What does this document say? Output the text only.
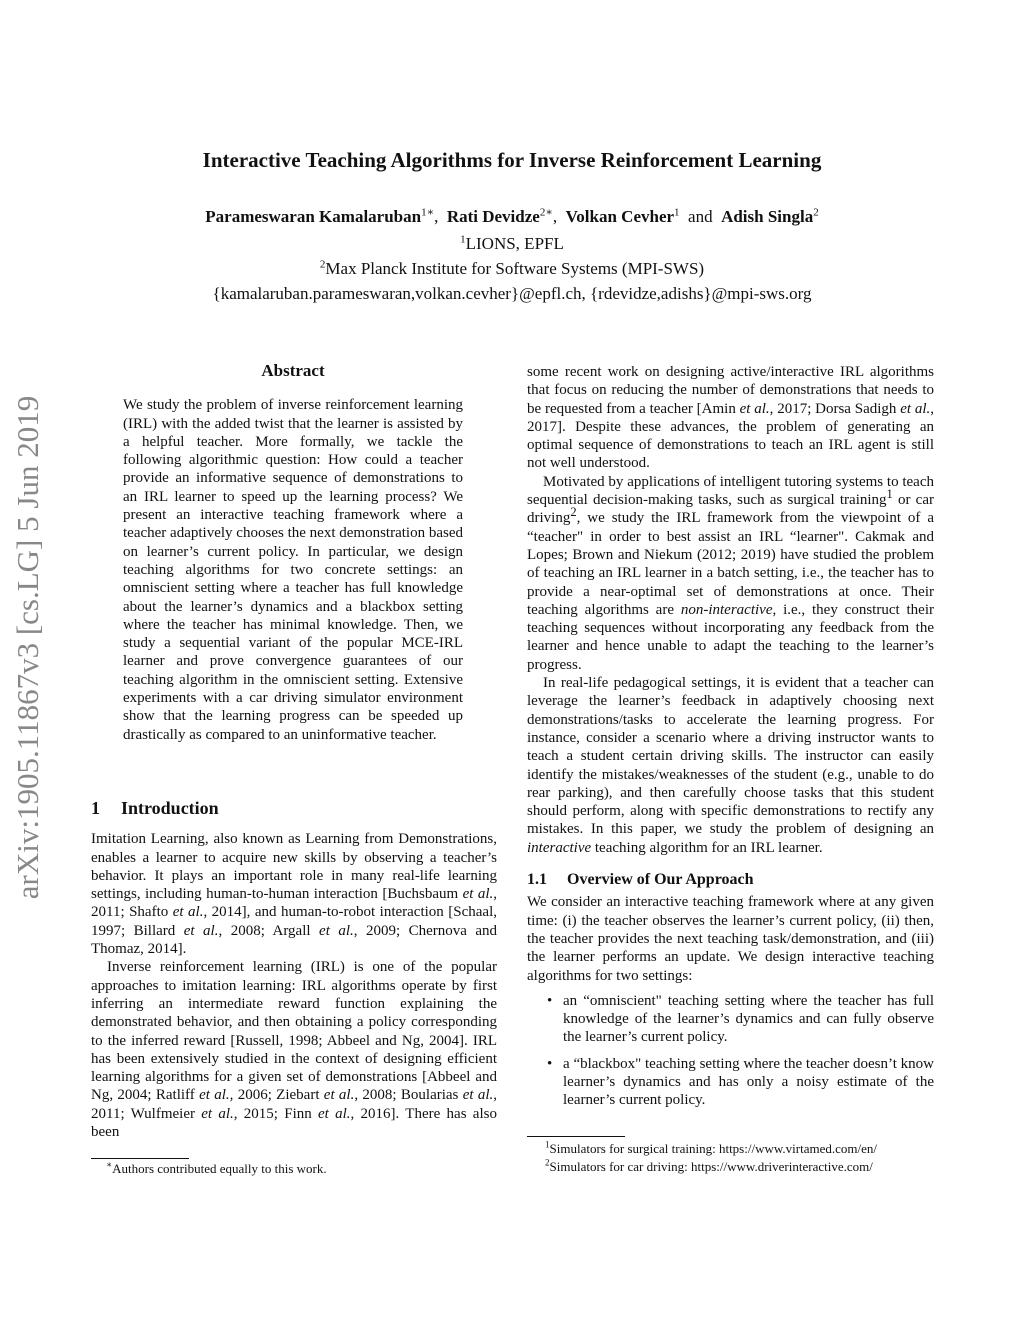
Interactive Teaching Algorithms for Inverse Reinforcement Learning
Parameswaran Kamalaruban$^{1∗}$, Rati Devidze$^{2∗}$, Volkan Cevher$^1$ and Adish Singla$^2$
$^1$LIONS, EPFL
$^2$Max Planck Institute for Software Systems (MPI-SWS)
{kamalaruban.parameswaran,volkan.cevher}@epfl.ch, {rdevidze,adishs}@mpi-sws.org
arXiv:1905.11867v3 [cs.LG] 5 Jun 2019

Abstract

We study the problem of inverse reinforcement learning (IRL) with the added twist that the learner is assisted by a helpful teacher. More formally, we tackle the following algorithmic question: How could a teacher provide an informative sequence of demonstrations to an IRL learner to speed up the learning process? We present an interactive teaching framework where a teacher adaptively chooses the next demonstration based on learner’s current policy. In particular, we design teaching algorithms for two concrete settings: an omniscient setting where a teacher has full knowledge about the learner’s dynamics and a blackbox setting where the teacher has minimal knowledge. Then, we study a sequential variant of the popular MCE-IRL learner and prove convergence guarantees of our teaching algorithm in the omniscient setting. Extensive experiments with a car driving simulator environment show that the learning progress can be speeded up drastically as compared to an uninformative teacher.

1 Introduction

Imitation Learning, also known as Learning from Demonstrations, enables a learner to acquire new skills by observing a teacher’s behavior. It plays an important role in many real-life learning settings, including human-to-human interaction [Buchsbaum et al., 2011; Shafto et al., 2014], and human-to-robot interaction [Schaal, 1997; Billard et al., 2008; Argall et al., 2009; Chernova and Thomaz, 2014].

Inverse reinforcement learning (IRL) is one of the popular approaches to imitation learning: IRL algorithms operate by first inferring an intermediate reward function explaining the demonstrated behavior, and then obtaining a policy corresponding to the inferred reward [Russell, 1998; Abbeel and Ng, 2004]. IRL has been extensively studied in the context of designing efficient learning algorithms for a given set of demonstrations [Abbeel and Ng, 2004; Ratliff et al., 2006; Ziebart et al., 2008; Boularias et al., 2011; Wulfmeier et al., 2015; Finn et al., 2016]. There has also been

∗Authors contributed equally to this work.

some recent work on designing active/interactive IRL algorithms that focus on reducing the number of demonstrations that needs to be requested from a teacher [Amin et al., 2017; Dorsa Sadigh et al., 2017]. Despite these advances, the problem of generating an optimal sequence of demonstrations to teach an IRL agent is still not well understood.

Motivated by applications of intelligent tutoring systems to teach sequential decision-making tasks, such as surgical training$^1$ or car driving$^2$, we study the IRL framework from the viewpoint of a “teacher" in order to best assist an IRL “learner". Cakmak and Lopes; Brown and Niekum (2012; 2019) have studied the problem of teaching an IRL learner in a batch setting, i.e., the teacher has to provide a near-optimal set of demonstrations at once. Their teaching algorithms are non-interactive, i.e., they construct their teaching sequences without incorporating any feedback from the learner and hence unable to adapt the teaching to the learner’s progress.

In real-life pedagogical settings, it is evident that a teacher can leverage the learner’s feedback in adaptively choosing next demonstrations/tasks to accelerate the learning progress. For instance, consider a scenario where a driving instructor wants to teach a student certain driving skills. The instructor can easily identify the mistakes/weaknesses of the student (e.g., unable to do rear parking), and then carefully choose tasks that this student should perform, along with specific demonstrations to rectify any mistakes. In this paper, we study the problem of designing an interactive teaching algorithm for an IRL learner.

1.1 Overview of Our Approach

We consider an interactive teaching framework where at any given time: (i) the teacher observes the learner’s current policy, (ii) then, the teacher provides the next teaching task/demonstration, and (iii) the learner performs an update. We design interactive teaching algorithms for two settings:

• an “omniscient" teaching setting where the teacher has full knowledge of the learner’s dynamics and can fully observe the learner’s current policy.
• a “blackbox" teaching setting where the teacher doesn’t know learner’s dynamics and has only a noisy estimate of the learner’s current policy.
$^1$Simulators for surgical training: https://www.virtamed.com/en/
$^2$Simulators for car driving: https://www.driverinteractive.com/
